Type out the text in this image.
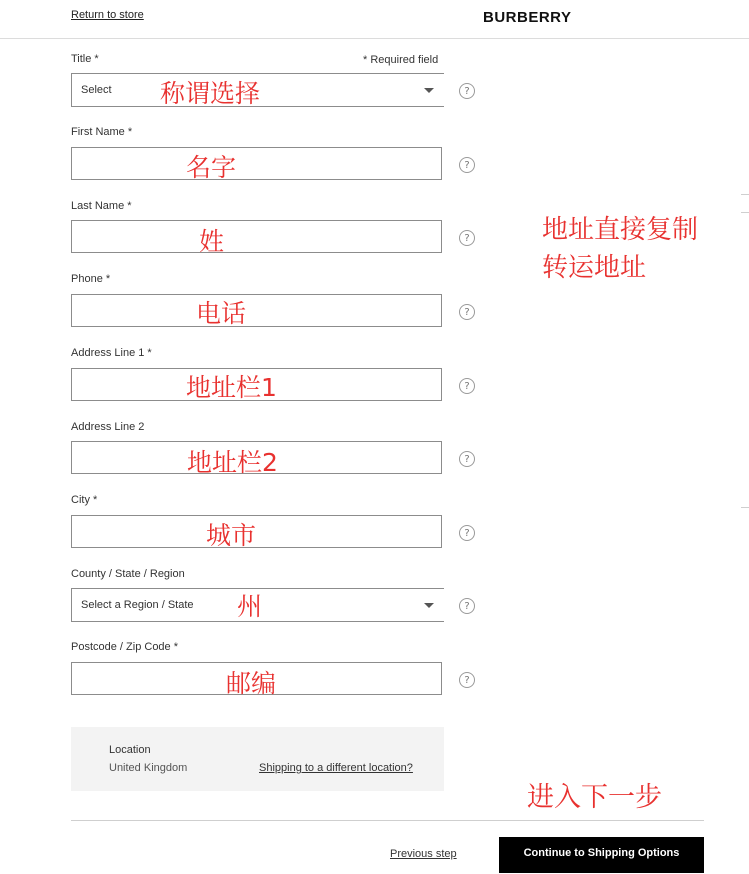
Return to store	BURBERRY
Title *	* Required field
Select	?
称谓选择
First Name *
?
名字
Last Name *
?
姓
Phone *
?
电话
Address Line 1 *
?
地址栏1
Address Line 2
?
地址栏2
City *
?
城市
County / State / Region
Select a Region / State	?
州
Postcode / Zip Code *
?
邮编
地址直接复制
转运地址
Location
United Kingdom	Shipping to a different location?
进入下一步
Previous step	Continue to Shipping Options
